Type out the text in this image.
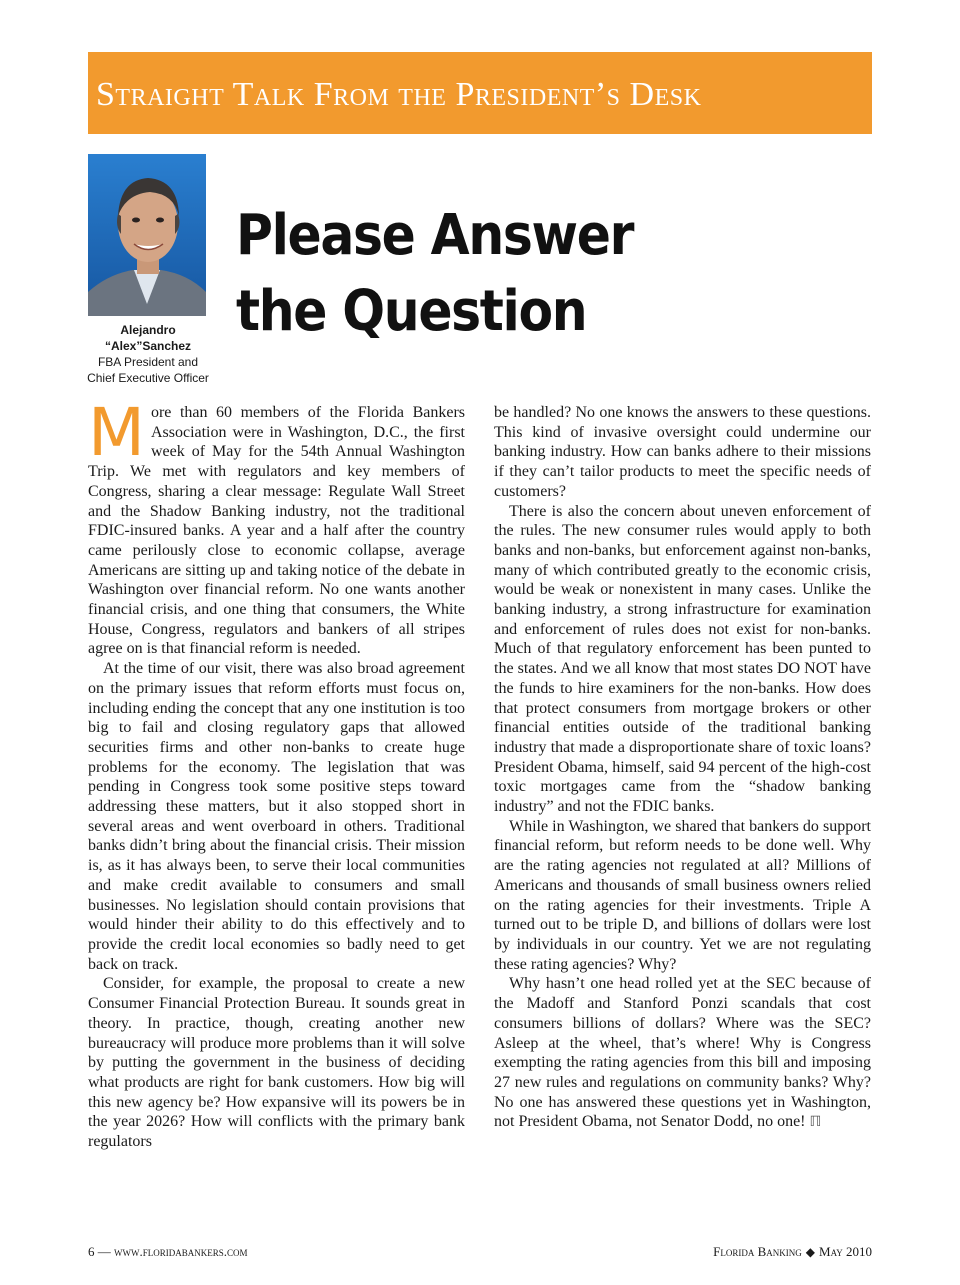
Straight Talk From the President’s Desk
Alejandro
“Alex”Sanchez
FBA President and
Chief Executive Officer
Please Answer
the Question

More than 60 members of the Florida Bankers Association were in Washington, D.C., the first week of May for the 54th Annual Washington Trip. We met with regulators and key members of Congress, sharing a clear message: Regulate Wall Street and the Shadow Banking industry, not the traditional FDIC-insured banks. A year and a half after the country came perilously close to economic collapse, average Americans are sitting up and taking notice of the debate in Washington over financial reform. No one wants another financial crisis, and one thing that consumers, the White House, Congress, regulators and bankers of all stripes agree on is that financial reform is needed.

At the time of our visit, there was also broad agreement on the primary issues that reform efforts must focus on, including ending the concept that any one institution is too big to fail and closing regulatory gaps that allowed securities firms and other non-banks to create huge problems for the economy. The legislation that was pending in Congress took some positive steps toward addressing these matters, but it also stopped short in several areas and went overboard in others. Traditional banks didn’t bring about the financial crisis. Their mission is, as it has always been, to serve their local communities and make credit available to consumers and small businesses. No legislation should contain provisions that would hinder their ability to do this effectively and to provide the credit local economies so badly need to get back on track.

Consider, for example, the proposal to create a new Consumer Financial Protection Bureau. It sounds great in theory. In practice, though, creating another new bureaucracy will produce more problems than it will solve by putting the government in the business of deciding what products are right for bank customers. How big will this new agency be? How expansive will its powers be in the year 2026? How will conflicts with the primary bank regulators

be handled? No one knows the answers to these questions. This kind of invasive oversight could undermine our banking industry. How can banks adhere to their missions if they can’t tailor products to meet the specific needs of customers?

There is also the concern about uneven enforcement of the rules. The new consumer rules would apply to both banks and non-banks, but enforcement against non-banks, many of which contributed greatly to the economic crisis, would be weak or nonexistent in many cases. Unlike the banking industry, a strong infrastructure for examination and enforcement of rules does not exist for non-banks. Much of that regulatory enforcement has been punted to the states. And we all know that most states DO NOT have the funds to hire examiners for the non-banks. How does that protect consumers from mortgage brokers or other financial entities outside of the traditional banking industry that made a disproportionate share of toxic loans? President Obama, himself, said 94 percent of the high-cost toxic mortgages came from the “shadow banking industry” and not the FDIC banks.

While in Washington, we shared that bankers do support financial reform, but reform needs to be done well. Why are the rating agencies not regulated at all? Millions of Americans and thousands of small business owners relied on the rating agencies for their investments. Triple A turned out to be triple D, and billions of dollars were lost by individuals in our country. Yet we are not regulating these rating agencies? Why?

Why hasn’t one head rolled yet at the SEC because of the Madoff and Stanford Ponzi scandals that cost consumers billions of dollars? Where was the SEC? Asleep at the wheel, that’s where! Why is Congress exempting the rating agencies from this bill and imposing 27 new rules and regulations on community banks? Why? No one has answered these questions yet in Washington, not President Obama, not Senator Dodd, no one! ℿ

6 — www.floridabankers.com	Florida Banking ◆ May 2010
